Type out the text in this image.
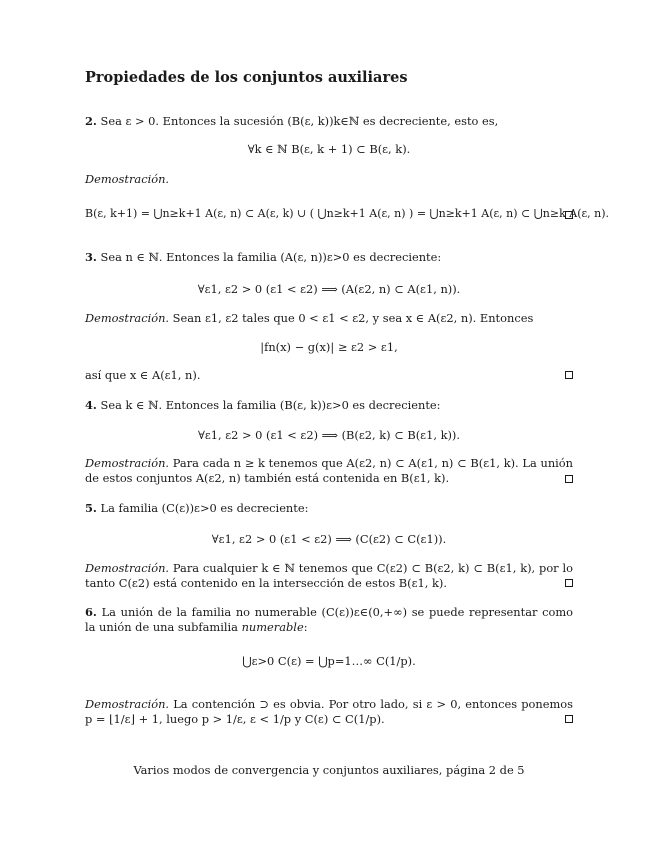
Propiedades de los conjuntos auxiliares
2. Sea ε > 0. Entonces la sucesión (B(ε, k))k∈ℕ es decreciente, esto es,
∀k ∈ ℕ B(ε, k + 1) ⊂ B(ε, k).
Demostración.
B(ε, k+1) = ⋃n≥k+1 A(ε, n) ⊂ A(ε, k) ∪ ( ⋃n≥k+1 A(ε, n) ) = ⋃n≥k+1 A(ε, n) ⊂ ⋃n≥k A(ε, n).
3. Sea n ∈ ℕ. Entonces la familia (A(ε, n))ε>0 es decreciente:
∀ε1, ε2 > 0 (ε1 < ε2) ⟹ (A(ε2, n) ⊂ A(ε1, n)).
Demostración. Sean ε1, ε2 tales que 0 < ε1 < ε2, y sea x ∈ A(ε2, n). Entonces
|fn(x) − g(x)| ≥ ε2 > ε1,
así que x ∈ A(ε1, n).
4. Sea k ∈ ℕ. Entonces la familia (B(ε, k))ε>0 es decreciente:
∀ε1, ε2 > 0 (ε1 < ε2) ⟹ (B(ε2, k) ⊂ B(ε1, k)).
Demostración. Para cada n ≥ k tenemos que A(ε2, n) ⊂ A(ε1, n) ⊂ B(ε1, k). La unión de estos conjuntos A(ε2, n) también está contenida en B(ε1, k).
5. La familia (C(ε))ε>0 es decreciente:
∀ε1, ε2 > 0 (ε1 < ε2) ⟹ (C(ε2) ⊂ C(ε1)).
Demostración. Para cualquier k ∈ ℕ tenemos que C(ε2) ⊂ B(ε2, k) ⊂ B(ε1, k), por lo tanto C(ε2) está contenido en la intersección de estos B(ε1, k).
6. La unión de la familia no numerable (C(ε))ε∈(0,+∞) se puede representar como la unión de una subfamilia numerable:
⋃ε>0 C(ε) = ⋃p=1…∞ C(1/p).
Demostración. La contención ⊃ es obvia. Por otro lado, si ε > 0, entonces ponemos p = ⌊1/ε⌋ + 1, luego p > 1/ε, ε < 1/p y C(ε) ⊂ C(1/p).
Varios modos de convergencia y conjuntos auxiliares, página 2 de 5
